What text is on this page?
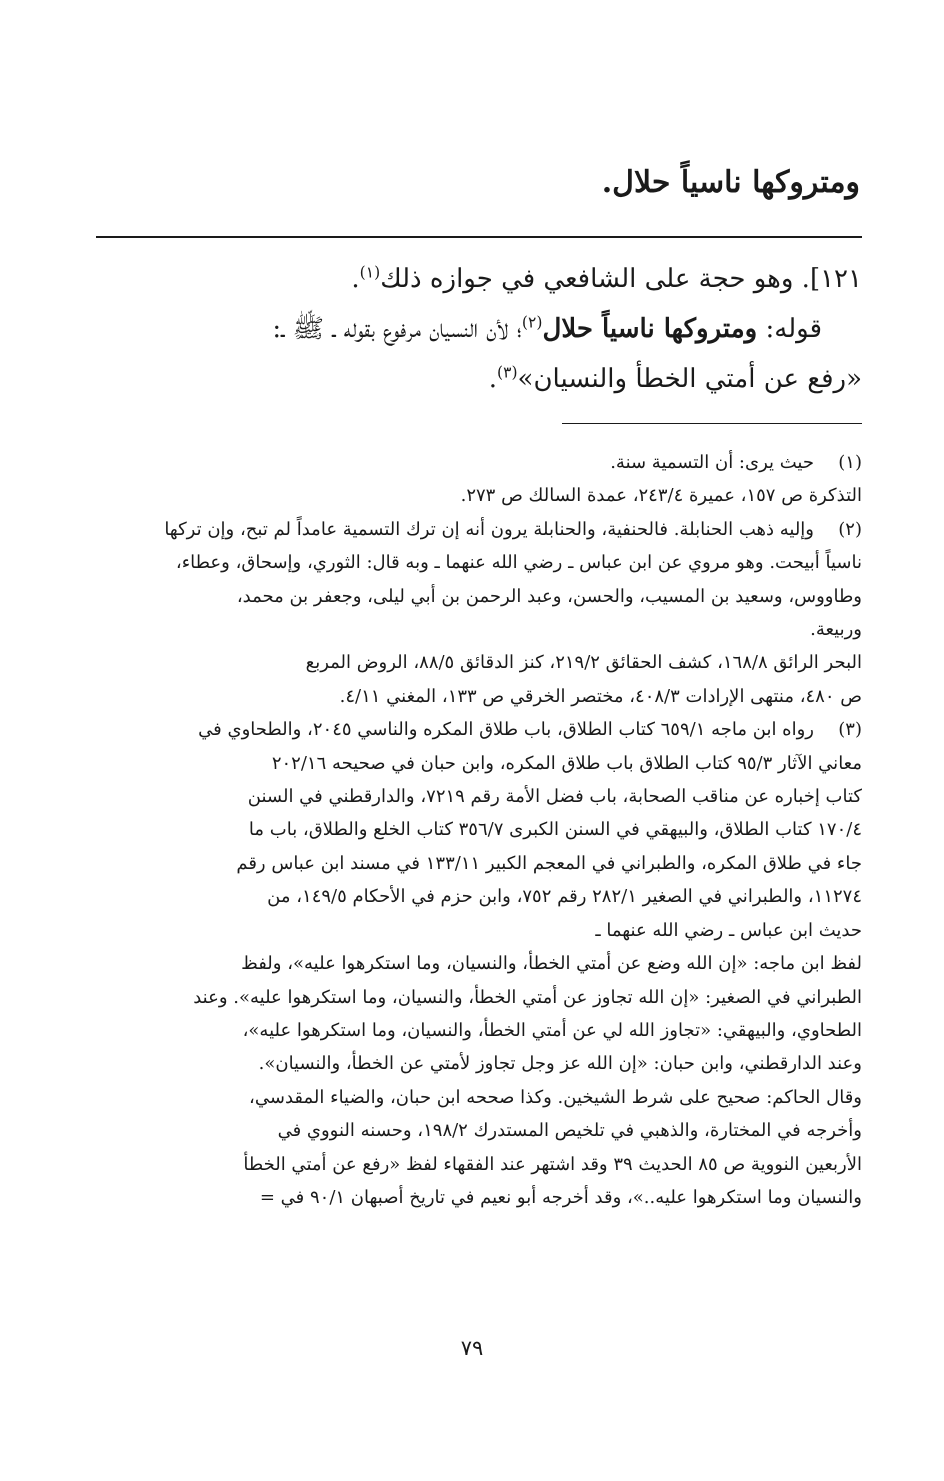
ومتروكها ناسياً حلال.

١٢١]. وهو حجة على الشافعي في جوازه ذلك$^{(١)}$.

قوله: ومتروكها ناسياً حلال$^{(٢)}$؛ لأن النسيان مرفوع بقوله ـ ﷺ ـ:

«رفع عن أمتي الخطأ والنسيان»$^{(٣)}$.

(١)

حيث يرى: أن التسمية سنة.

التذكرة ص ١٥٧، عميرة ٢٤٣/٤، عمدة السالك ص ٢٧٣.

(٢)

وإليه ذهب الحنابلة. فالحنفية، والحنابلة يرون أنه إن ترك التسمية عامداً لم تبح، وإن تركها

ناسياً أبيحت. وهو مروي عن ابن عباس ـ رضي الله عنهما ـ وبه قال: الثوري، وإسحاق، وعطاء،

وطاووس، وسعيد بن المسيب، والحسن، وعبد الرحمن بن أبي ليلى، وجعفر بن محمد،

وربيعة.

البحر الرائق ١٦٨/٨، كشف الحقائق ٢١٩/٢، كنز الدقائق ٨٨/٥، الروض المربع

ص ٤٨٠، منتهى الإرادات ٤٠٨/٣، مختصر الخرقي ص ١٣٣، المغني ٤/١١.

(٣)

رواه ابن ماجه ٦٥٩/١ كتاب الطلاق، باب طلاق المكره والناسي ٢٠٤٥، والطحاوي في

معاني الآثار ٩٥/٣ كتاب الطلاق باب طلاق المكره، وابن حبان في صحيحه ٢٠٢/١٦

كتاب إخباره عن مناقب الصحابة، باب فضل الأمة رقم ٧٢١٩، والدارقطني في السنن

١٧٠/٤ كتاب الطلاق، والبيهقي في السنن الكبرى ٣٥٦/٧ كتاب الخلع والطلاق، باب ما

جاء في طلاق المكره، والطبراني في المعجم الكبير ١٣٣/١١ في مسند ابن عباس رقم

١١٢٧٤، والطبراني في الصغير ٢٨٢/١ رقم ٧٥٢، وابن حزم في الأحكام ١٤٩/٥، من

حديث ابن عباس ـ رضي الله عنهما ـ

لفظ ابن ماجه: «إن الله وضع عن أمتي الخطأ، والنسيان، وما استكرهوا عليه»، ولفظ

الطبراني في الصغير: «إن الله تجاوز عن أمتي الخطأ، والنسيان، وما استكرهوا عليه». وعند

الطحاوي، والبيهقي: «تجاوز الله لي عن أمتي الخطأ، والنسيان، وما استكرهوا عليه»،

وعند الدارقطني، وابن حبان: «إن الله عز وجل تجاوز لأمتي عن الخطأ، والنسيان».

وقال الحاكم: صحيح على شرط الشيخين. وكذا صححه ابن حبان، والضياء المقدسي،

وأخرجه في المختارة، والذهبي في تلخيص المستدرك ١٩٨/٢، وحسنه النووي في

الأربعين النووية ص ٨٥ الحديث ٣٩ وقد اشتهر عند الفقهاء لفظ «رفع عن أمتي الخطأ

والنسيان وما استكرهوا عليه..»، وقد أخرجه أبو نعيم في تاريخ أصبهان ٩٠/١ في =

٧٩
